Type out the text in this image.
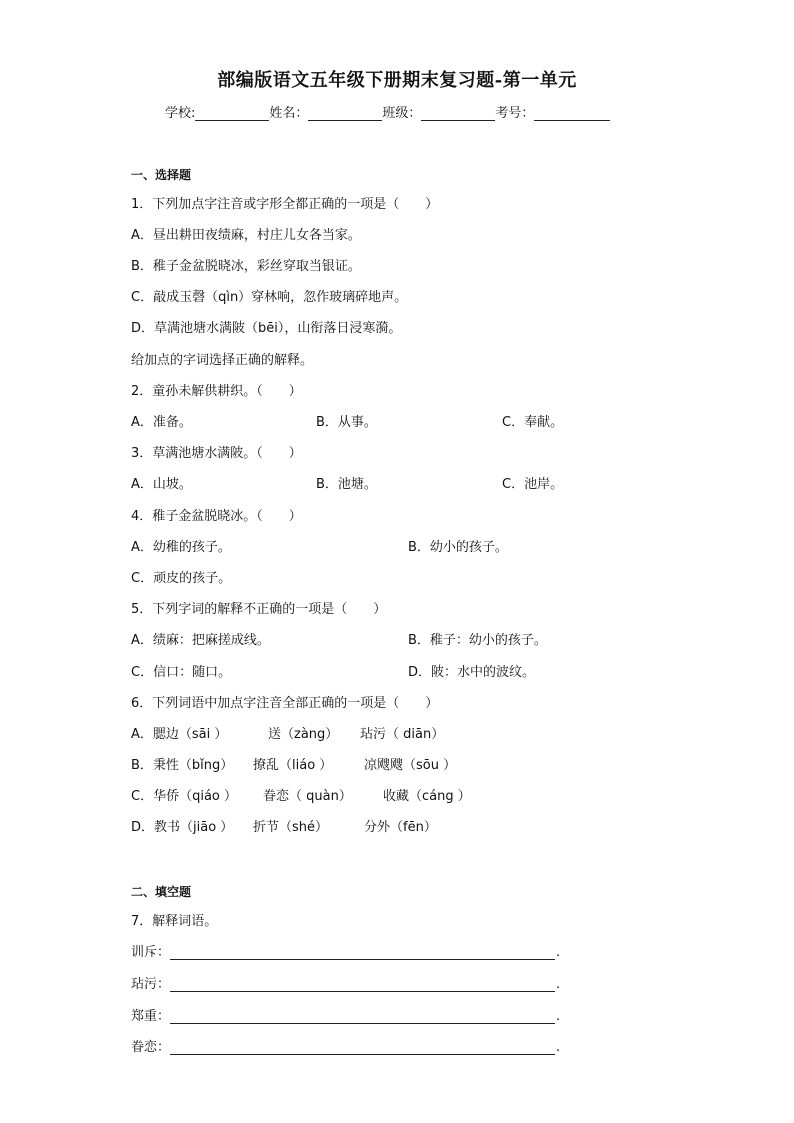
部编版语文五年级下册期末复习题-第一单元
学校:	姓名：	班级：	考号：
一、选择题
1．下列加点字注音或字形全都正确的一项是（　　）
A．昼出耕田夜绩麻，村庄儿女各当家。
B．稚子金盆脱晓冰，彩丝穿取当银证。
C．敲成玉磬（qìn）穿林响，忽作玻璃碎地声。
D．草满池塘水满陂（bēi），山衔落日浸寒漪。
给加点的字词选择正确的解释。
2．童孙未解供耕织。（　　）
A．准备。	B．从事。	C．奉献。
3．草满池塘水满陂。（　　）
A．山坡。	B．池塘。	C．池岸。
4．稚子金盆脱晓冰。（　　）
A．幼稚的孩子。	B．幼小的孩子。
C．顽皮的孩子。
5．下列字词的解释不正确的一项是（　　）
A．绩麻：把麻搓成线。	B．稚子：幼小的孩子。
C．信口：随口。	D．陂：水中的波纹。
6．下列词语中加点字注音全部正确的一项是（　　）
A．腮边（sāi ）	送（zàng） 玷污（ diān）
B．秉性（bǐng） 撩乱（liáo ） 凉飕飕（sōu ）
C．华侨（qiáo ） 眷恋（ quàn） 收藏（cáng ）
D．教书（jiāo ） 折节（shé）	分外（fēn）
二、填空题
7．解释词语。
训斥：	.
玷污：	.
郑重：	.
眷恋：	.
